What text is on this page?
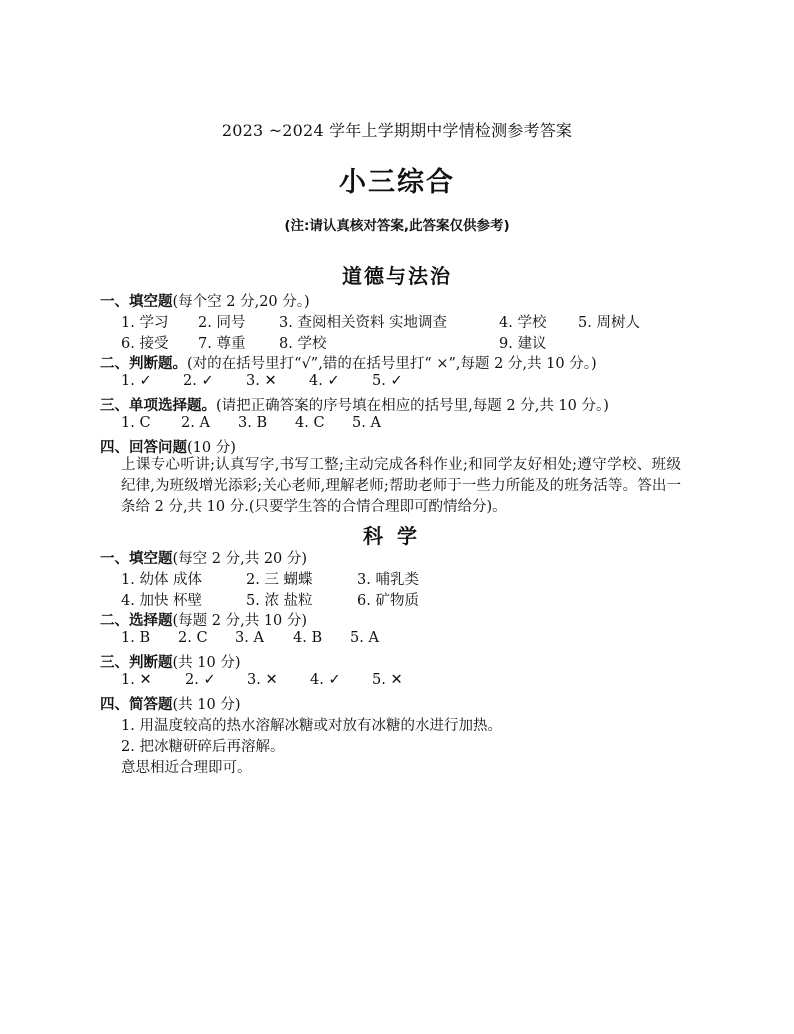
2023 ~2024 学年上学期期中学情检测参考答案
小三综合
(注:请认真核对答案,此答案仅供参考)
道德与法治
一、填空题(每个空 2 分,20 分。)
1. 学习 2. 同号 3. 查阅相关资料 实地调查	4. 学校 5. 周树人
6. 接受 7. 尊重 8. 学校	9. 建议
二、判断题。(对的在括号里打“√”,错的在括号里打“ ×”,每题 2 分,共 10 分。)
1. ✓ 2. ✓ 3. ✕ 4. ✓ 5. ✓
三、单项选择题。(请把正确答案的序号填在相应的括号里,每题 2 分,共 10 分。)
1. C 2. A 3. B 4. C 5. A
四、回答问题(10 分)
上课专心听讲;认真写字,书写工整;主动完成各科作业;和同学友好相处;遵守学校、班级纪律,为班级增光添彩;关心老师,理解老师;帮助老师于一些力所能及的班务活等。答出一条给 2 分,共 10 分.(只要学生答的合情合理即可酌情给分)。
科学
一、填空题(每空 2 分,共 20 分)
1. 幼体 成体	2. 三 蝴蝶	3. 哺乳类
4. 加快 杯壁	5. 浓 盐粒	6. 矿物质
二、选择题(每题 2 分,共 10 分)
1. B 2. C 3. A 4. B 5. A
三、判断题(共 10 分)
1. ✕ 2. ✓ 3. ✕ 4. ✓ 5. ✕
四、简答题(共 10 分)
1. 用温度较高的热水溶解冰糖或对放有冰糖的水进行加热。
2. 把冰糖研碎后再溶解。
意思相近合理即可。
